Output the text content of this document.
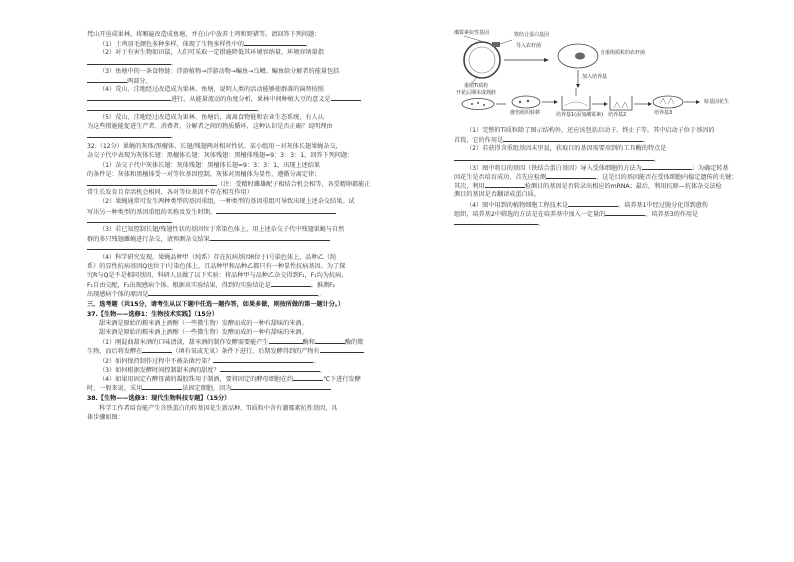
梵山开垦成果林，将厢遍改造成鱼塘，并在山中放养土鸡和野猪等。请回答下列问题：
（1）土鸡羽毛颜色多种多样，体现了生物多样性中的	。
（2）对于有害生物如田鼠，人们可采取一定措施降低其环境容纳量，环境容纳量指
。
（3）鱼塘中的一条食物链：浮游植物→浮游动物→鳊鱼→乌鳢。鳊鱼给分解者的能量包括
两部分。
（4）荒山、洼地经过改造成为果林、鱼塘，说明人类的活动能够使群落的演替按照
进行。从能量流动的角度分析，果林中间种植大豆的意义是
。
（5）荒山、洼地经过改造成为果林、鱼塘后，离离食物链和农业生态系统，有人认
为这些措施能促进生产者、消费者、分解者之间的物质循环，这种认识是否正确？说明理由
。
32.（12分）果蝇的灰体/黑檀体、长翅/残翅两对相对性状。某小组用一对灰体长翅果蝇杂交，
杂交子代中表现为灰体长翅：黑檀体长翅：灰体残翅：黑檀体残翅=9：3：3：1，回答下列问题：
（1）杂交子代中灰体长翅：灰体残翅：黑檀体长翅=9：3：3：1，出现上述结果
的条件是：灰体和黑檀体受一对等位基因控制，灰体对黑檀体为显性，遵循分离定律；
（注：受精时雌雄配子相结合机会相等，各受精卵都能正
常生长发育且存活机会相同，各对等位基因不存在相互作用）
（2）果蝇通常可发生两种类型的基因重组，一种类型的基因重组可导致出现上述杂交结果。试
写出另一种类型的基因重组的名称及发生时期。
。
（3）若已知控制长翅/残翅性状的基因位于常染色体上，用上述杂交子代中残翅果蝇与自然
群的多只残翅雌蝇进行杂交，请预测杂交结果
。
（4）科学研究发现，果蝇品种甲（纯系）存在抗病基因R位于Ⅰ号染色体上，品种乙（纯
系）的显性抗病基因Q也位于Ⅰ号染色体上，且品种甲和品种乙都只有一种显性抗病基因。为了探
究R与Q是不是相同基因，科研人员做了以下实验：将品种甲与品种乙杂交得到F₁，F₁均为抗病，
F₁自由交配，F₂出现感病个体。根据该实验结果，得到的实验结论是	。推测F₂
出现感病个体的原因是	。
三、选考题（共15分，请考生从以下题中任选一题作答，如果多做，则按所做的第一题计分。）
37.【生物——选修1：生物技术实践】（15分）
甜米酒是原始的粮米酒上酒醇（一些微生物）发酵而成的一种有甜味的米酒。
甜米酒是原始的粮米酒上酒醇（一些微生物）发酵而成的一种有甜味的米酒。
（1）刚混曲甜米酒的口味清淡，甜米酒的制作发酵需要能产生	酶和	酶的微
生物，而后将发酵在	（填有氧或无氧）条件下进行，后期发酵得到的产物有
（2）如何保持制作过程中不被杂菌污染？	。
（3）如何根据发酵时间控制甜米酒的甜度？	。
（4）如果用固定有酵母菌的凝胶珠用于制酒，要将固定的酵母细胞在约	℃下进行发酵
时，一般来说，采用	法固定细胞，因为
38.【生物——选修3：现代生物科技专题】（15分）
科学工作者培育能产生含铁蛋白的转基因花生新品种，Ti质粒中含有潮霉素抗性基因，具
体步骤如图：
铁结合蛋白基因
导入农杆菌
潮霉素抗性基因
重组Ti质粒
含重组质粒的农杆菌
加入培养基
开花后期未成熟胚
愈伤组织转移	培养基1(添加潮霉素) 培养基2	培养基3
转基因花生
（1）完整的Ti质粒除了图示结构外，还应该包括启动子、终止子等，其中启动子位于基因的
首段，它的作用是	。
（2）若获得含重组基因未里县，获取目的基因需要用到的工具酶的特点是
。
（3）图中将目的基因（铁结合蛋白基因）导入受体细胞的方法为	；为确定转基
因花生是否培育成功，首先应检测	，这是目的基因能否在受体细胞内稳定遗传的关键；
其次，利用	检测目的基因是否转录出相应的mRNA；最后，利用抗原—抗体杂交法检
测目的基因是否翻译成蛋白质。
（4）图中用到的植物细胞工程技术是	。培养基1中经过脱分化得到愈伤
组织，培养基2中筛选的方法是在培养基中加入一定量的	，培养基3的作用是
。
